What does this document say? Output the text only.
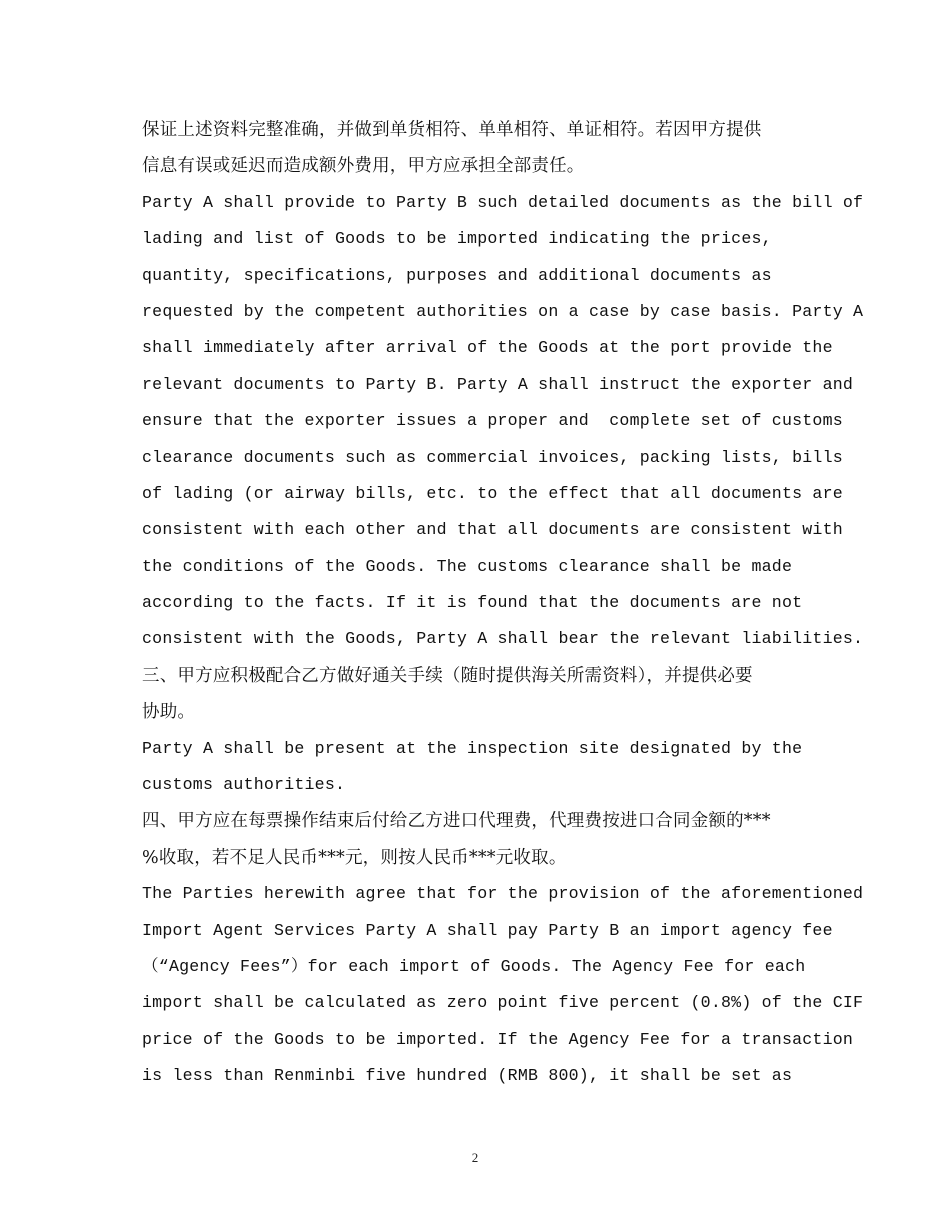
保证上述资料完整准确，并做到单货相符、单单相符、单证相符。若因甲方提供
信息有误或延迟而造成额外费用，甲方应承担全部责任。
Party A shall provide to Party B such detailed documents as the bill of
lading and list of Goods to be imported indicating the prices,
quantity, specifications, purposes and additional documents as
requested by the competent authorities on a case by case basis. Party A
shall immediately after arrival of the Goods at the port provide the
relevant documents to Party B. Party A shall instruct the exporter and
ensure that the exporter issues a proper and  complete set of customs
clearance documents such as commercial invoices, packing lists, bills
of lading (or airway bills, etc. to the effect that all documents are
consistent with each other and that all documents are consistent with
the conditions of the Goods. The customs clearance shall be made
according to the facts. If it is found that the documents are not
consistent with the Goods, Party A shall bear the relevant liabilities.
三、甲方应积极配合乙方做好通关手续（随时提供海关所需资料），并提供必要
协助。
Party A shall be present at the inspection site designated by the
customs authorities.
四、甲方应在每票操作结束后付给乙方进口代理费，代理费按进口合同金额的***
%收取，若不足人民币***元，则按人民币***元收取。
The Parties herewith agree that for the provision of the aforementioned
Import Agent Services Party A shall pay Party B an import agency fee
（“Agency Fees”）for each import of Goods. The Agency Fee for each
import shall be calculated as zero point five percent (0.8%) of the CIF
price of the Goods to be imported. If the Agency Fee for a transaction
is less than Renminbi five hundred (RMB 800), it shall be set as
2
